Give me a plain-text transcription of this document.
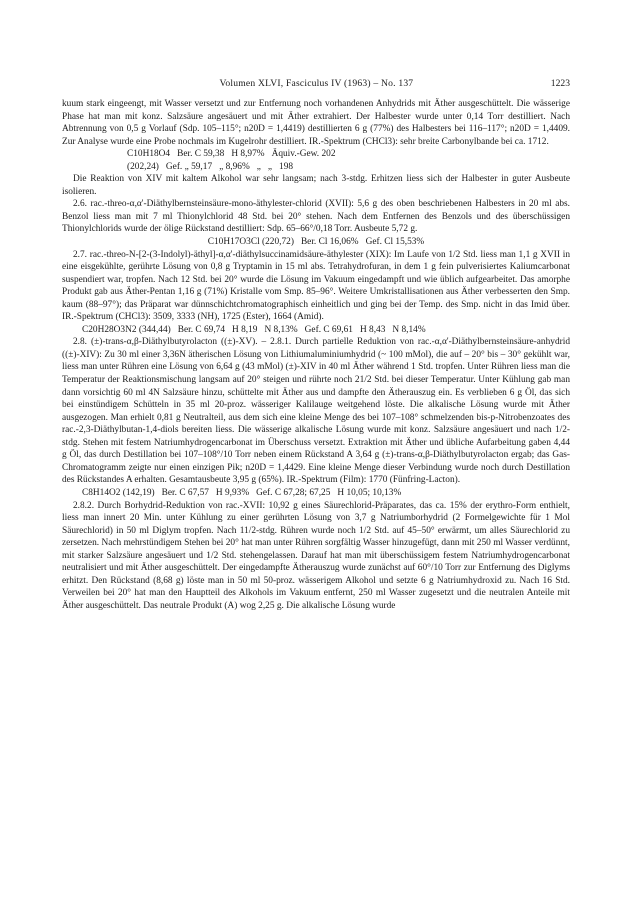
Volumen XLVI, Fasciculus IV (1963) – No. 137	1223

kuum stark eingeengt, mit Wasser versetzt und zur Entfernung noch vorhandenen Anhydrids mit Äther ausgeschüttelt. Die wässerige Phase hat man mit konz. Salzsäure angesäuert und mit Äther extrahiert. Der Halbester wurde unter 0,14 Torr destilliert. Nach Abtrennung von 0,5 g Vorlauf (Sdp. 105–115°; n20D = 1,4419) destillierten 6 g (77%) des Halbesters bei 116–117°; n20D = 1,4409. Zur Analyse wurde eine Probe nochmals im Kugelrohr destilliert. IR.-Spektrum (CHCl3): sehr breite Carbonylbande bei ca. 1712.

C10H18O4   Ber. C 59,38   H 8,97%   Äquiv.-Gew. 202

(202,24)   Gef. „ 59,17   „ 8,96%   „   „   198

Die Reaktion von XIV mit kaltem Alkohol war sehr langsam; nach 3-stdg. Erhitzen liess sich der Halbester in guter Ausbeute isolieren.

2.6. rac.-threo-α,α'-Diäthylbernsteinsäure-mono-äthylester-chlorid (XVII): 5,6 g des oben beschriebenen Halbesters in 20 ml abs. Benzol liess man mit 7 ml Thionylchlorid 48 Std. bei 20° stehen. Nach dem Entfernen des Benzols und des überschüssigen Thionylchlorids wurde der ölige Rückstand destilliert: Sdp. 65–66°/0,18 Torr. Ausbeute 5,72 g.

C10H17O3Cl (220,72)   Ber. Cl 16,06%   Gef. Cl 15,53%

2.7. rac.-threo-N-[2-(3-Indolyl)-äthyl]-α,α'-diäthylsuccinamidsäure-äthylester (XIX): Im Laufe von 1/2 Std. liess man 1,1 g XVII in eine eisgekühlte, gerührte Lösung von 0,8 g Tryptamin in 15 ml abs. Tetrahydrofuran, in dem 1 g fein pulverisiertes Kaliumcarbonat suspendiert war, tropfen. Nach 12 Std. bei 20° wurde die Lösung im Vakuum eingedampft und wie üblich aufgearbeitet. Das amorphe Produkt gab aus Äther-Pentan 1,16 g (71%) Kristalle vom Smp. 85–96°. Weitere Umkristallisationen aus Äther verbesserten den Smp. kaum (88–97°); das Präparat war dünnschichtchromatographisch einheitlich und ging bei der Temp. des Smp. nicht in das Imid über. IR.-Spektrum (CHCl3): 3509, 3333 (NH), 1725 (Ester), 1664 (Amid).

C20H28O3N2 (344,44)   Ber. C 69,74   H 8,19   N 8,13%   Gef. C 69,61   H 8,43   N 8,14%

2.8. (±)-trans-α,β-Diäthylbutyrolacton ((±)-XV). – 2.8.1. Durch partielle Reduktion von rac.-α,α'-Diäthylbernsteinsäure-anhydrid ((±)-XIV): Zu 30 ml einer 3,36N ätherischen Lösung von Lithiumaluminiumhydrid (~ 100 mMol), die auf – 20° bis – 30° gekühlt war, liess man unter Rühren eine Lösung von 6,64 g (43 mMol) (±)-XIV in 40 ml Äther während 1 Std. tropfen. Unter Rühren liess man die Temperatur der Reaktionsmischung langsam auf 20° steigen und rührte noch 21/2 Std. bei dieser Temperatur. Unter Kühlung gab man dann vorsichtig 60 ml 4N Salzsäure hinzu, schüttelte mit Äther aus und dampfte den Ätherauszug ein. Es verblieben 6 g Öl, das sich bei einstündigem Schütteln in 35 ml 20-proz. wässeriger Kalilauge weitgehend löste. Die alkalische Lösung wurde mit Äther ausgezogen. Man erhielt 0,81 g Neutralteil, aus dem sich eine kleine Menge des bei 107–108° schmelzenden bis-p-Nitrobenzoates des rac.-2,3-Diäthylbutan-1,4-diols bereiten liess. Die wässerige alkalische Lösung wurde mit konz. Salzsäure angesäuert und nach 1/2-stdg. Stehen mit festem Natriumhydrogencarbonat im Überschuss versetzt. Extraktion mit Äther und übliche Aufarbeitung gaben 4,44 g Öl, das durch Destillation bei 107–108°/10 Torr neben einem Rückstand A 3,64 g (±)-trans-α,β-Diäthylbutyrolacton ergab; das Gas-Chromatogramm zeigte nur einen einzigen Pik; n20D = 1,4429. Eine kleine Menge dieser Verbindung wurde noch durch Destillation des Rückstandes A erhalten. Gesamtausbeute 3,95 g (65%). IR.-Spektrum (Film): 1770 (Fünfring-Lacton).

C8H14O2 (142,19)   Ber. C 67,57   H 9,93%   Gef. C 67,28; 67,25   H 10,05; 10,13%

2.8.2. Durch Borhydrid-Reduktion von rac.-XVII: 10,92 g eines Säurechlorid-Präparates, das ca. 15% der erythro-Form enthielt, liess man innert 20 Min. unter Kühlung zu einer gerührten Lösung von 3,7 g Natriumborhydrid (2 Formelgewichte für 1 Mol Säurechlorid) in 50 ml Diglym tropfen. Nach 11/2-stdg. Rühren wurde noch 1/2 Std. auf 45–50° erwärmt, um alles Säurechlorid zu zersetzen. Nach mehrstündigem Stehen bei 20° hat man unter Rühren sorgfältig Wasser hinzugefügt, dann mit 250 ml Wasser verdünnt, mit starker Salzsäure angesäuert und 1/2 Std. stehengelassen. Darauf hat man mit überschüssigem festem Natriumhydrogencarbonat neutralisiert und mit Äther ausgeschüttelt. Der eingedampfte Ätherauszug wurde zunächst auf 60°/10 Torr zur Entfernung des Diglyms erhitzt. Den Rückstand (8,68 g) löste man in 50 ml 50-proz. wässerigem Alkohol und setzte 6 g Natriumhydroxid zu. Nach 16 Std. Verweilen bei 20° hat man den Hauptteil des Alkohols im Vakuum entfernt, 250 ml Wasser zugesetzt und die neutralen Anteile mit Äther ausgeschüttelt. Das neutrale Produkt (A) wog 2,25 g. Die alkalische Lösung wurde
